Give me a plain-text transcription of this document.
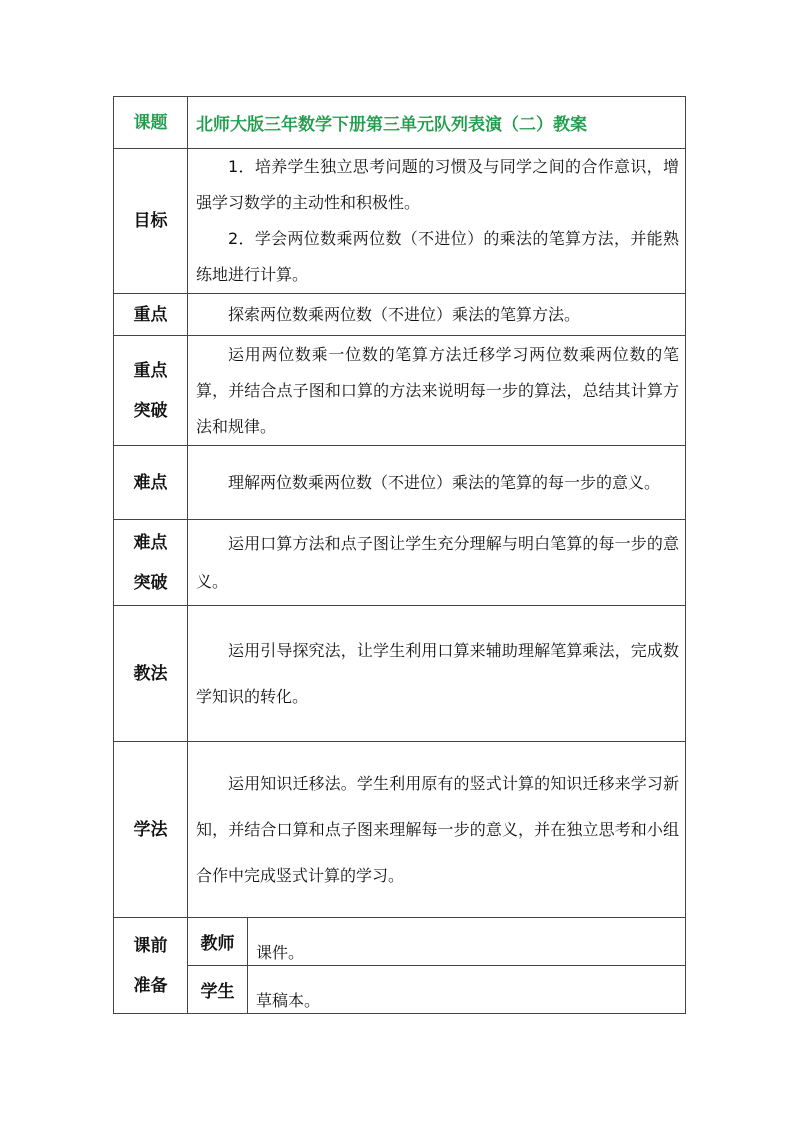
课题	北师大版三年数学下册第三单元队列表演（二）教案	
目标	1．培养学生独立思考问题的习惯及与同学之间的合作意识，增强学习数学的主动性和积极性。

2．学会两位数乘两位数（不进位）的乘法的笔算方法，并能熟练地进行计算。	

重点	探索两位数乘两位数（不进位）乘法的笔算方法。	

重点
突破	运用两位数乘一位数的笔算方法迁移学习两位数乘两位数的笔算，并结合点子图和口算的方法来说明每一步的算法，总结其计算方法和规律。	

难点	理解两位数乘两位数（不进位）乘法的笔算的每一步的意义。	

难点
突破	运用口算方法和点子图让学生充分理解与明白笔算的每一步的意义。	

教法	运用引导探究法，让学生利用口算来辅助理解笔算乘法，完成数学知识的转化。	

学法	运用知识迁移法。学生利用原有的竖式计算的知识迁移来学习新知，并结合口算和点子图来理解每一步的意义，并在独立思考和小组合作中完成竖式计算的学习。	

课前
准备	教师	课件。
	学生	草稿本。
